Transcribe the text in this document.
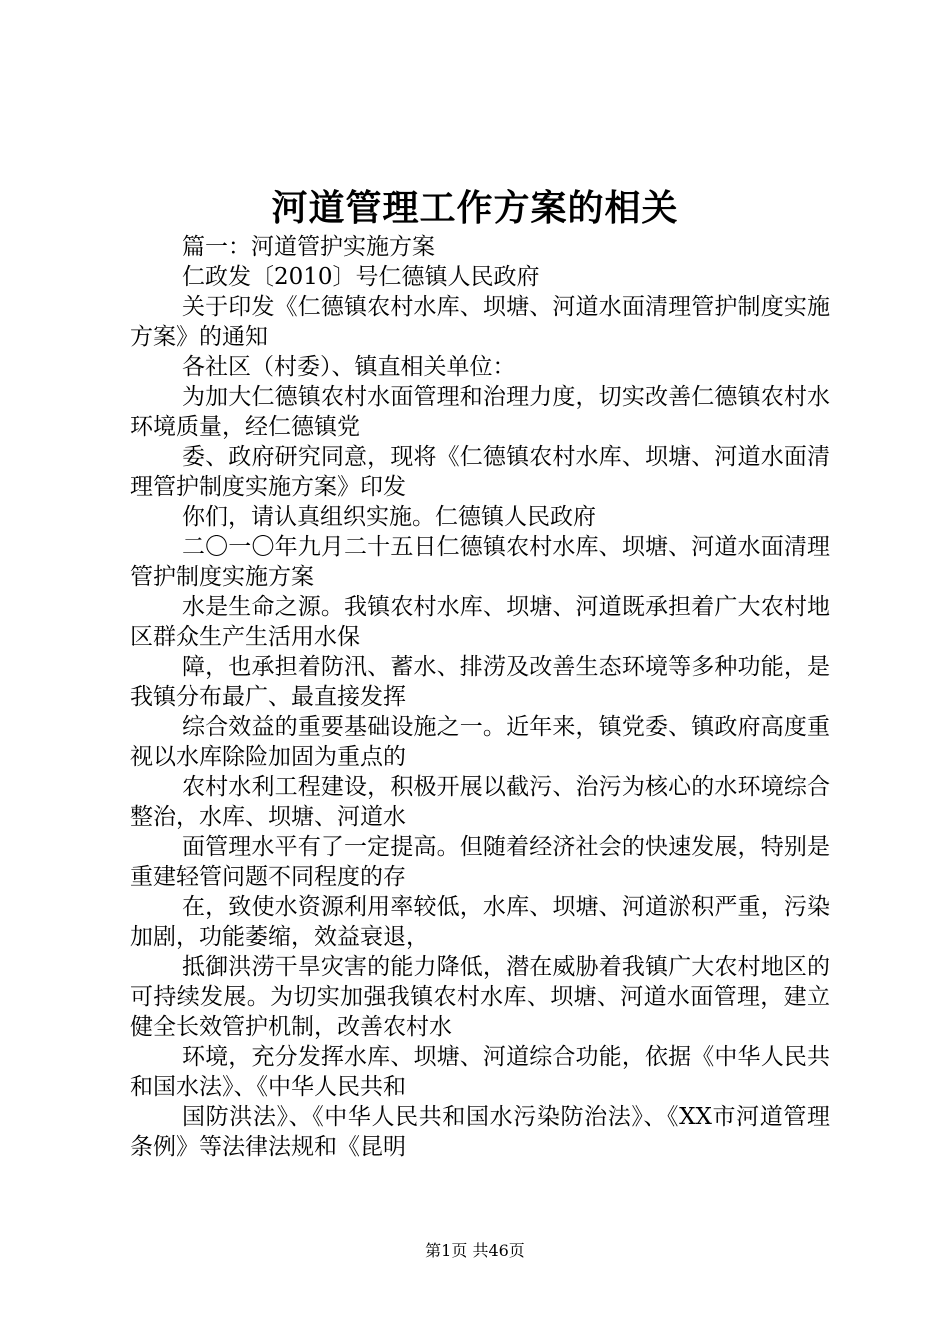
河道管理工作方案的相关

篇一：河道管护实施方案

仁政发〔2010〕号仁德镇人民政府

关于印发《仁德镇农村水库、坝塘、河道水面清理管护制度实施方案》的通知

各社区（村委）、镇直相关单位：

为加大仁德镇农村水面管理和治理力度，切实改善仁德镇农村水环境质量，经仁德镇党

委、政府研究同意，现将《仁德镇农村水库、坝塘、河道水面清理管护制度实施方案》印发

你们，请认真组织实施。仁德镇人民政府

二〇一〇年九月二十五日仁德镇农村水库、坝塘、河道水面清理管护制度实施方案

水是生命之源。我镇农村水库、坝塘、河道既承担着广大农村地区群众生产生活用水保

障，也承担着防汛、蓄水、排涝及改善生态环境等多种功能，是我镇分布最广、最直接发挥

综合效益的重要基础设施之一。近年来，镇党委、镇政府高度重视以水库除险加固为重点的

农村水利工程建设，积极开展以截污、治污为核心的水环境综合整治，水库、坝塘、河道水

面管理水平有了一定提高。但随着经济社会的快速发展，特别是重建轻管问题不同程度的存

在，致使水资源利用率较低，水库、坝塘、河道淤积严重，污染加剧，功能萎缩，效益衰退，

抵御洪涝干旱灾害的能力降低，潜在威胁着我镇广大农村地区的可持续发展。为切实加强我镇农村水库、坝塘、河道水面管理，建立健全长效管护机制，改善农村水

环境，充分发挥水库、坝塘、河道综合功能，依据《中华人民共和国水法》、《中华人民共和

国防洪法》、《中华人民共和国水污染防治法》、《XX市河道管理条例》等法律法规和《昆明

第1页 共46页
